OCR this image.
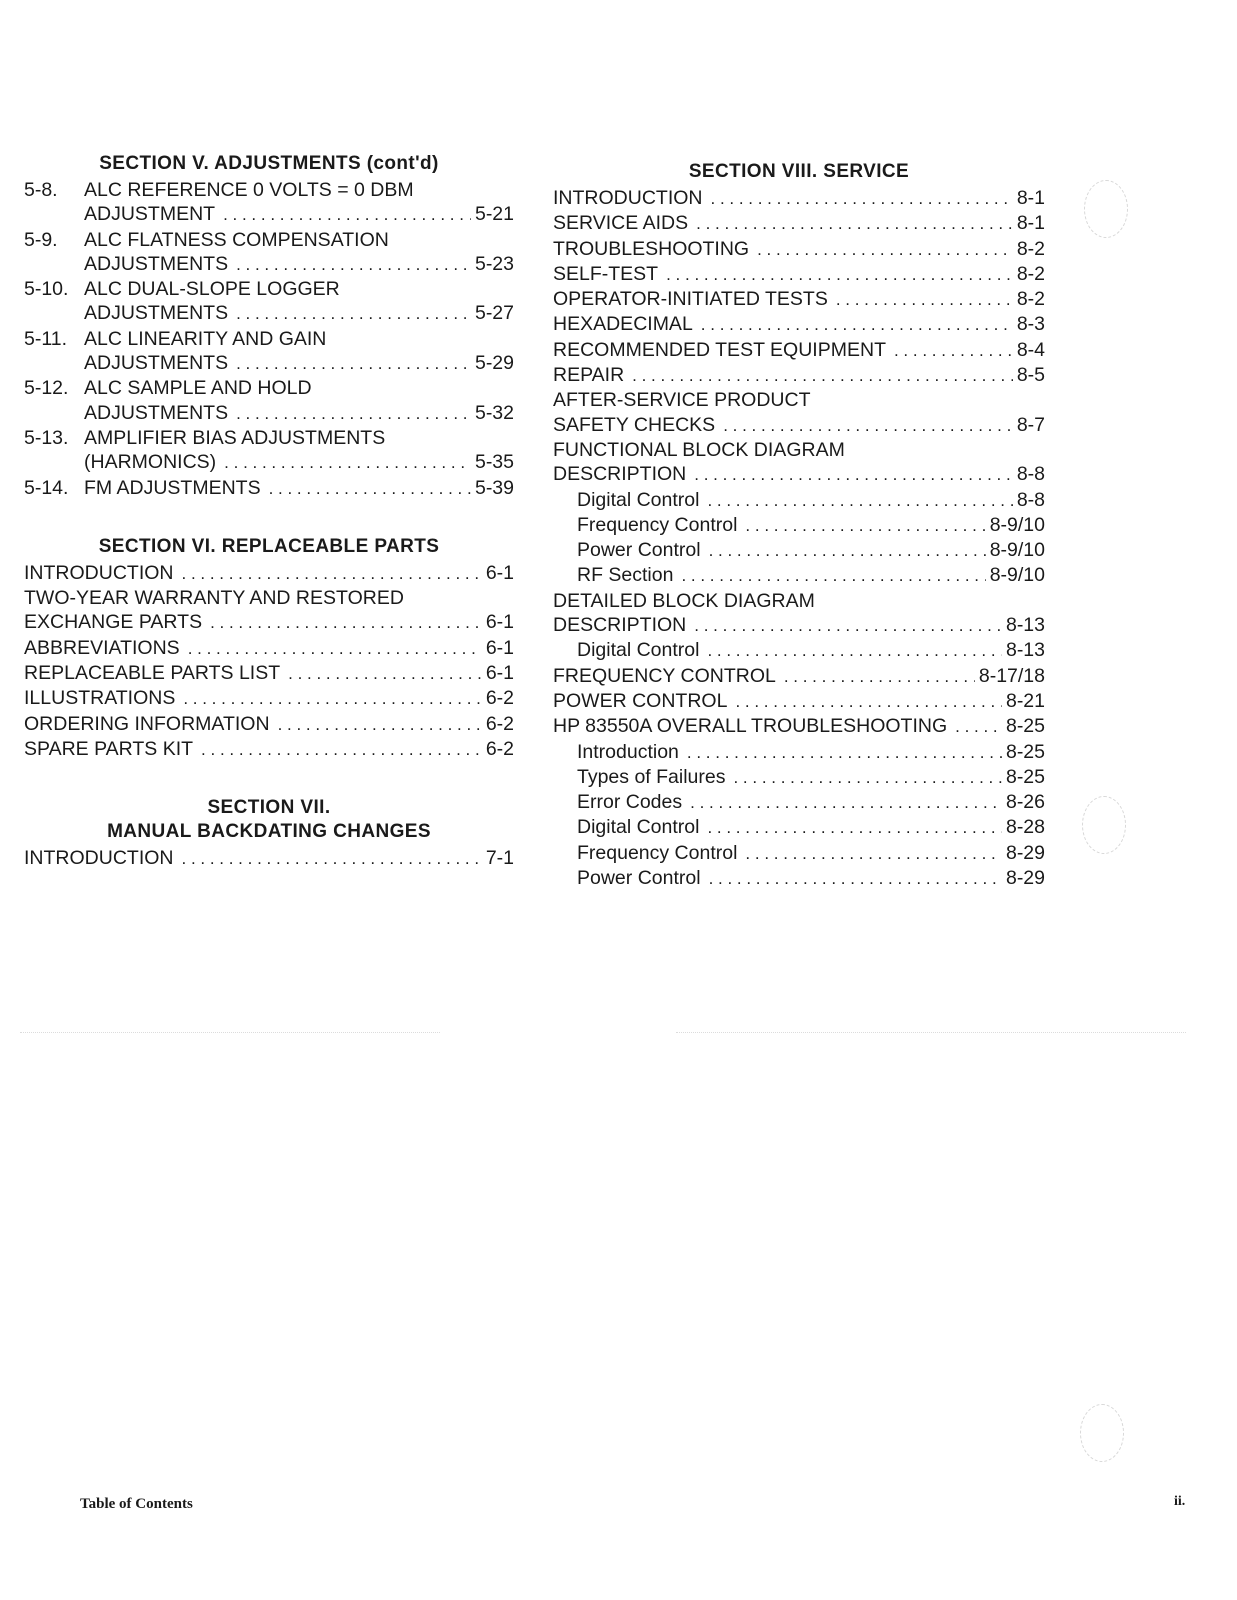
SECTION V. ADJUSTMENTS (cont'd)
5-8.	ALC REFERENCE 0 VOLTS = 0 DBM
ADJUSTMENT . . .	5-21
5-9.	ALC FLATNESS COMPENSATION
ADJUSTMENTS . . .	5-23
5-10. ALC DUAL-SLOPE LOGGER
ADJUSTMENTS . . .	5-27
5-11. ALC LINEARITY AND GAIN
ADJUSTMENTS . . .	5-29
5-12. ALC SAMPLE AND HOLD
ADJUSTMENTS . . .	5-32
5-13. AMPLIFIER BIAS ADJUSTMENTS
(HARMONICS) . . .	5-35
5-14. FM ADJUSTMENTS . . .	5-39
SECTION VI. REPLACEABLE PARTS
INTRODUCTION . . .	6-1
TWO-YEAR WARRANTY AND RESTORED
EXCHANGE PARTS . . .	6-1
ABBREVIATIONS . . .	6-1
REPLACEABLE PARTS LIST . . .	6-1
ILLUSTRATIONS . . .	6-2
ORDERING INFORMATION . . .	6-2
SPARE PARTS KIT . . .	6-2
SECTION VII.
MANUAL BACKDATING CHANGES
INTRODUCTION . . .	7-1
SECTION VIII. SERVICE
INTRODUCTION . . .	8-1
SERVICE AIDS . . .	8-1
TROUBLESHOOTING . . .	8-2
SELF-TEST . . .	8-2
OPERATOR-INITIATED TESTS . . .	8-2
HEXADECIMAL . . .	8-3
RECOMMENDED TEST EQUIPMENT . . .	8-4
REPAIR . . .	8-5
AFTER-SERVICE PRODUCT
SAFETY CHECKS . . .	8-7
FUNCTIONAL BLOCK DIAGRAM
DESCRIPTION . . .	8-8
Digital Control . . .	8-8
Frequency Control . . .	8-9/10
Power Control . . .	8-9/10
RF Section . . .	8-9/10
DETAILED BLOCK DIAGRAM
DESCRIPTION . . .	8-13
Digital Control . . .	8-13
FREQUENCY CONTROL . . .	8-17/18
POWER CONTROL . . .	8-21
HP 83550A OVERALL TROUBLESHOOTING . . .	8-25
Introduction . . .	8-25
Types of Failures . . .	8-25
Error Codes . . .	8-26
Digital Control . . .	8-28
Frequency Control . . .	8-29
Power Control . . .	8-29
Table of Contents	ii.
